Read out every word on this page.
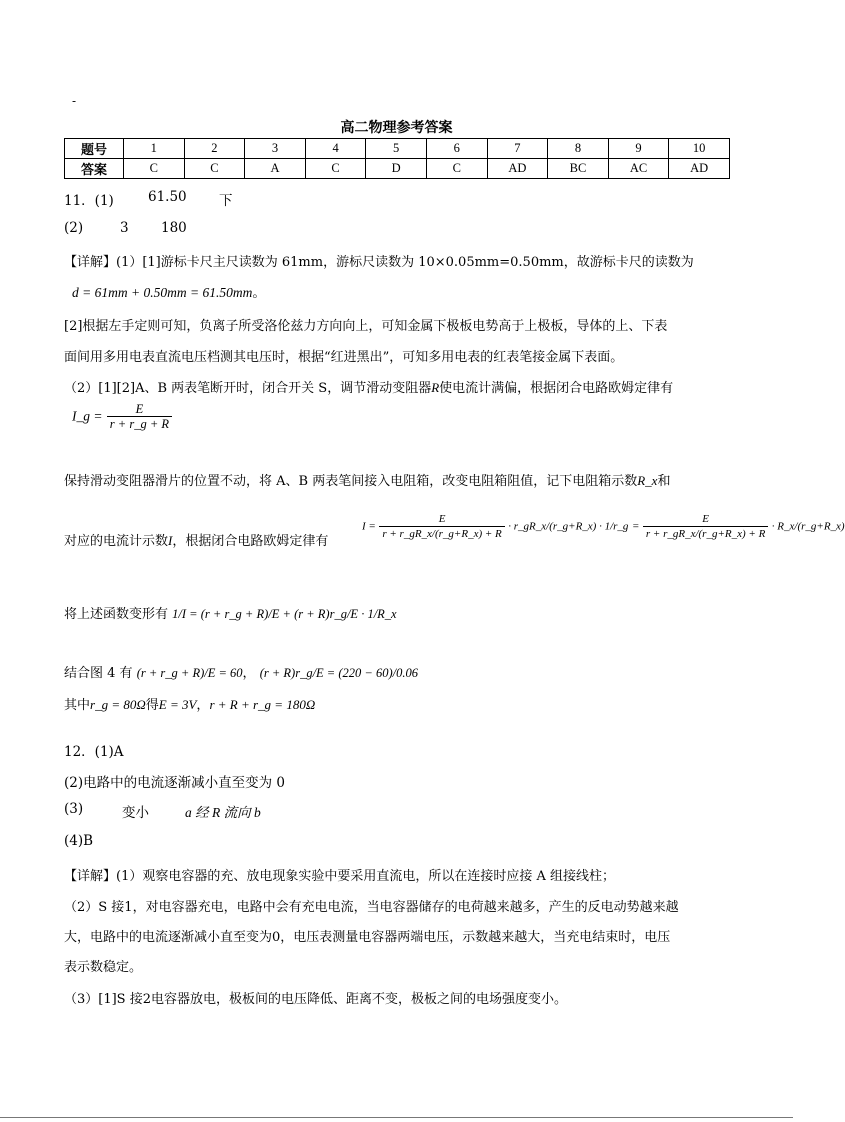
-
高二物理参考答案
题号	1	2	3	4	5	6	7	8	9	10
答案	C	C	A	C	D	C	AD	BC	AC	AD
11．(1)	61.50 下
(2)	3 180
【详解】(1）[1]游标卡尺主尺读数为 61mm，游标尺读数为 10×0.05mm=0.50mm，故游标卡尺的读数为
d = 61mm + 0.50mm = 61.50mm。
[2]根据左手定则可知，负离子所受洛伦兹力方向向上，可知金属下极板电势高于上极板，导体的上、下表
面间用多用电表直流电压档测其电压时，根据“红进黑出”，可知多用电表的红表笔接金属下表面。
（2）[1][2]A、B 两表笔断开时，闭合开关 S，调节滑动变阻器R使电流计满偏，根据闭合电路欧姆定律有
I_g = $\frac{E}{r + r\_g + R}$
保持滑动变阻器滑片的位置不动，将 A、B 两表笔间接入电阻箱，改变电阻箱阻值，记下电阻箱示数R_x和
对应的电流计示数I，根据闭合电路欧姆定律有
$I = \frac{E}{r + r\_gR\_x/(r\_g+R\_x) + R}$ · r_gR_x/(r_g+R_x) · 1/r_g = $\frac{E}{r + r\_gR\_x/(r\_g+R\_x) + R}$ · R_x/(r_g+R_x)
将上述函数变形有 1/I = (r + r_g + R)/E + (r + R)r_g/E · 1/R_x
结合图 4 有 (r + r_g + R)/E = 60， (r + R)r_g/E = (220 − 60)/0.06
其中r_g = 80Ω得E = 3V，r + R + r_g = 180Ω
12．(1)A
(2)电路中的电流逐渐减小直至变为 0
(3)	变小	a 经 R 流向 b
(4)B
【详解】(1）观察电容器的充、放电现象实验中要采用直流电，所以在连接时应接 A 组接线柱；
（2）S 接1，对电容器充电，电路中会有充电电流，当电容器储存的电荷越来越多，产生的反电动势越来越
大，电路中的电流逐渐减小直至变为0，电压表测量电容器两端电压，示数越来越大，当充电结束时，电压
表示数稳定。
（3）[1]S 接2电容器放电，极板间的电压降低、距离不变，极板之间的电场强度变小。
